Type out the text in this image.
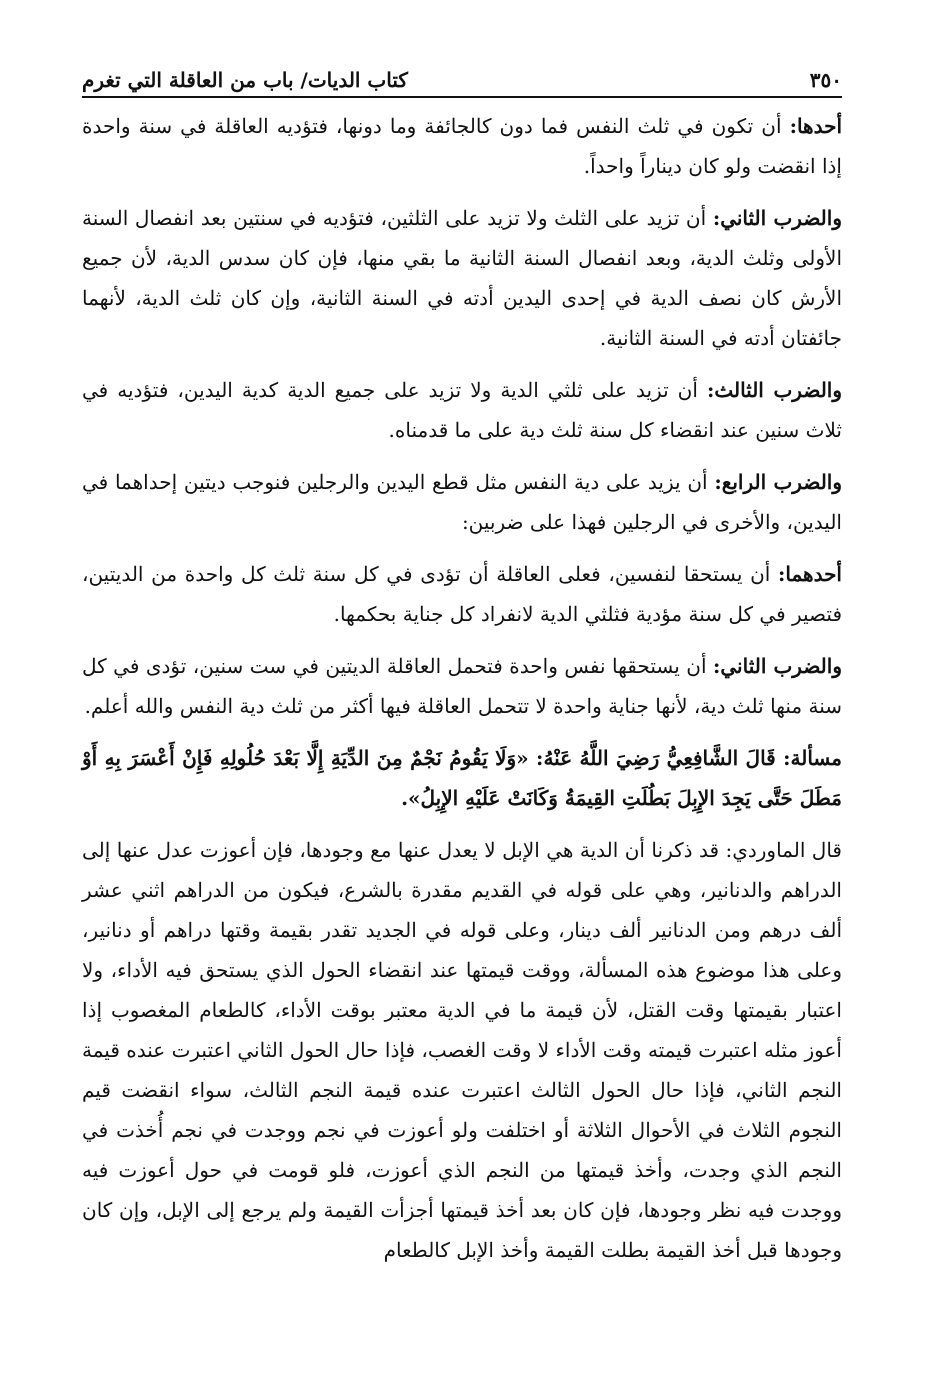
٣٥٠
كتاب الديات/ باب من العاقلة التي تغرم

أحدها: أن تكون في ثلث النفس فما دون كالجائفة وما دونها، فتؤديه العاقلة في سنة واحدة إذا انقضت ولو كان ديناراً واحداً.

والضرب الثاني: أن تزيد على الثلث ولا تزيد على الثلثين، فتؤديه في سنتين بعد انفصال السنة الأولى وثلث الدية، وبعد انفصال السنة الثانية ما بقي منها، فإن كان سدس الدية، لأن جميع الأرش كان نصف الدية في إحدى اليدين أدته في السنة الثانية، وإن كان ثلث الدية، لأنهما جائفتان أدته في السنة الثانية.

والضرب الثالث: أن تزيد على ثلثي الدية ولا تزيد على جميع الدية كدية اليدين، فتؤديه في ثلاث سنين عند انقضاء كل سنة ثلث دية على ما قدمناه.

والضرب الرابع: أن يزيد على دية النفس مثل قطع اليدين والرجلين فنوجب ديتين إحداهما في اليدين، والأخرى في الرجلين فهذا على ضربين:

أحدهما: أن يستحقا لنفسين، فعلى العاقلة أن تؤدى في كل سنة ثلث كل واحدة من الديتين، فتصير في كل سنة مؤدية فثلثي الدية لانفراد كل جناية بحكمها.

والضرب الثاني: أن يستحقها نفس واحدة فتحمل العاقلة الديتين في ست سنين، تؤدى في كل سنة منها ثلث دية، لأنها جناية واحدة لا تتحمل العاقلة فيها أكثر من ثلث دية النفس والله أعلم.

مسألة: قَالَ الشَّافِعِيُّ رَضِيَ اللَّهُ عَنْهُ: «وَلَا يَقُومُ نَجْمٌ مِنَ الدِّيَةِ إِلَّا بَعْدَ حُلُولِهِ فَإِنْ أَعْسَرَ بِهِ أَوْ مَطَلَ حَتَّى يَجِدَ الإِبِلَ بَطُلَتِ القِيمَةُ وَكَانَتْ عَلَيْهِ الإِبِلُ».

قال الماوردي: قد ذكرنا أن الدية هي الإبل لا يعدل عنها مع وجودها، فإن أعوزت عدل عنها إلى الدراهم والدنانير، وهي على قوله في القديم مقدرة بالشرع، فيكون من الدراهم اثني عشر ألف درهم ومن الدنانير ألف دينار، وعلى قوله في الجديد تقدر بقيمة وقتها دراهم أو دنانير، وعلى هذا موضوع هذه المسألة، ووقت قيمتها عند انقضاء الحول الذي يستحق فيه الأداء، ولا اعتبار بقيمتها وقت القتل، لأن قيمة ما في الدية معتبر بوقت الأداء، كالطعام المغصوب إذا أعوز مثله اعتبرت قيمته وقت الأداء لا وقت الغصب، فإذا حال الحول الثاني اعتبرت عنده قيمة النجم الثاني، فإذا حال الحول الثالث اعتبرت عنده قيمة النجم الثالث، سواء انقضت قيم النجوم الثلاث في الأحوال الثلاثة أو اختلفت ولو أعوزت في نجم ووجدت في نجم أُخذت في النجم الذي وجدت، وأخذ قيمتها من النجم الذي أعوزت، فلو قومت في حول أعوزت فيه ووجدت فيه نظر وجودها، فإن كان بعد أخذ قيمتها أجزأت القيمة ولم يرجع إلى الإبل، وإن كان وجودها قبل أخذ القيمة بطلت القيمة وأخذ الإبل كالطعام
